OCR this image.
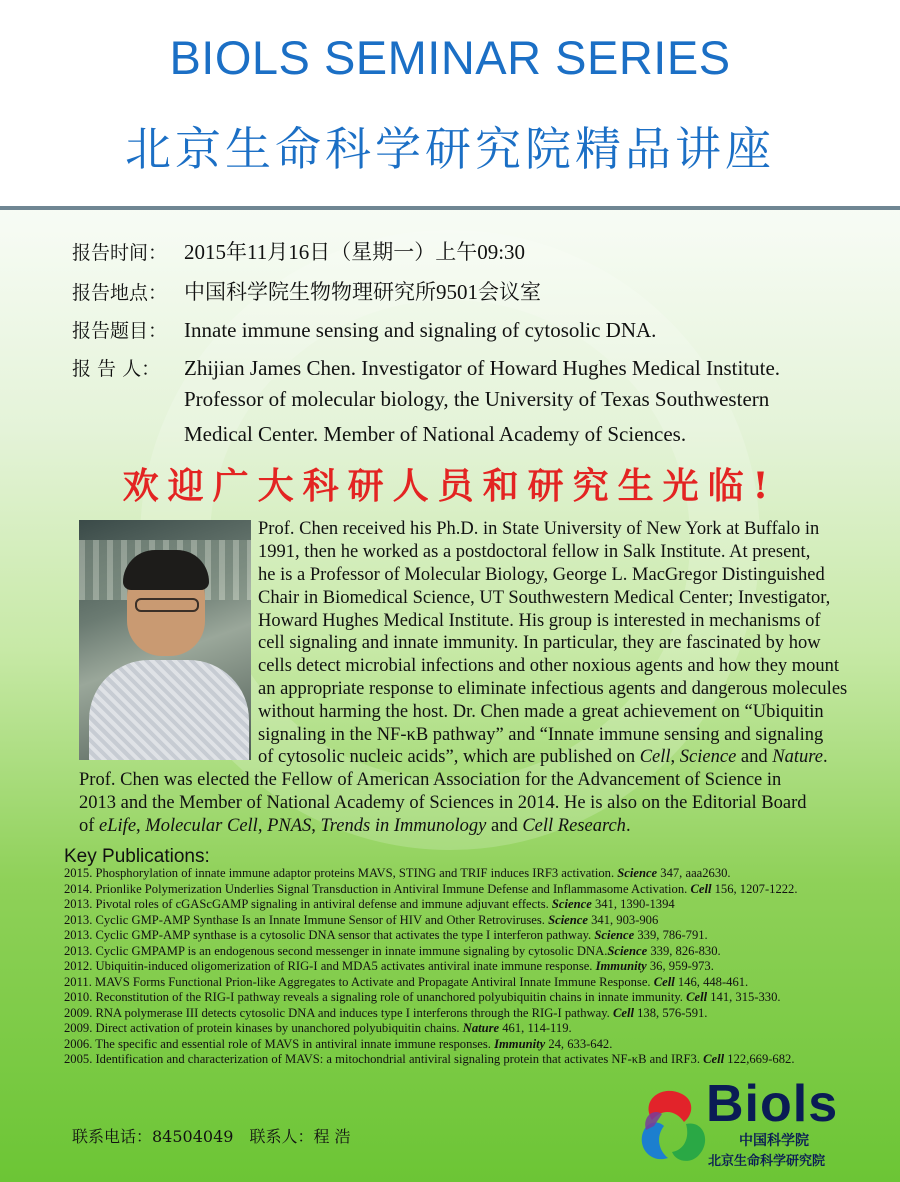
BIOLS SEMINAR SERIES
北京生命科学研究院精品讲座
报告时间： 2015年11月16日（星期一）上午09:30
报告地点： 中国科学院生物物理研究所9501会议室
报告题目： Innate immune sensing and signaling of cytosolic DNA.
报 告 人： Zhijian James Chen. Investigator of Howard Hughes Medical Institute.
Professor of molecular biology, the University of Texas Southwestern
Medical Center. Member of National Academy of Sciences.
欢迎广大科研人员和研究生光临!
Prof. Chen received his Ph.D. in State University of New York at Buffalo in
1991, then he worked as a postdoctoral fellow in Salk Institute. At present,
he is a Professor of Molecular Biology, George L. MacGregor Distinguished
Chair in Biomedical Science, UT Southwestern Medical Center; Investigator,
Howard Hughes Medical Institute. His group is interested in mechanisms of
cell signaling and innate immunity. In particular, they are fascinated by how
cells detect microbial infections and other noxious agents and how they mount
an appropriate response to eliminate infectious agents and dangerous molecules
without harming the host. Dr. Chen made a great achievement on “Ubiquitin
signaling in the NF-κB pathway” and “Innate immune sensing and signaling
of cytosolic nucleic acids”, which are published on Cell, Science and Nature.
Prof. Chen was elected the Fellow of American Association for the Advancement of Science in
2013 and the Member of National Academy of Sciences in 2014. He is also on the Editorial Board
of eLife, Molecular Cell, PNAS, Trends in Immunology and Cell Research.
Key Publications:
2015. Phosphorylation of innate immune adaptor proteins MAVS, STING and TRIF induces IRF3 activation. Science 347, aaa2630.
2014. Prionlike Polymerization Underlies Signal Transduction in Antiviral Immune Defense and Inflammasome Activation. Cell 156, 1207-1222.
2013. Pivotal roles of cGAScGAMP signaling in antiviral defense and immune adjuvant effects. Science 341, 1390-1394
2013. Cyclic GMP-AMP Synthase Is an Innate Immune Sensor of HIV and Other Retroviruses. Science 341, 903-906
2013. Cyclic GMP-AMP synthase is a cytosolic DNA sensor that activates the type I interferon pathway. Science 339, 786-791.
2013. Cyclic GMPAMP is an endogenous second messenger in innate immune signaling by cytosolic DNA.Science 339, 826-830.
2012. Ubiquitin-induced oligomerization of RIG-I and MDA5 activates antiviral inate immune response. Immunity 36, 959-973.
2011. MAVS Forms Functional Prion-like Aggregates to Activate and Propagate Antiviral Innate Immune Response. Cell 146, 448-461.
2010. Reconstitution of the RIG-I pathway reveals a signaling role of unanchored polyubiquitin chains in innate immunity. Cell 141, 315-330.
2009. RNA polymerase III detects cytosolic DNA and induces type I interferons through the RIG-I pathway. Cell 138, 576-591.
2009. Direct activation of protein kinases by unanchored polyubiquitin chains. Nature 461, 114-119.
2006. The specific and essential role of MAVS in antiviral innate immune responses. Immunity 24, 633-642.
2005. Identification and characterization of MAVS: a mitochondrial antiviral signaling protein that activates NF-κB and IRF3. Cell 122,669-682.
联系电话：84504049　联系人：程 浩
Biols
中国科学院
北京生命科学研究院
